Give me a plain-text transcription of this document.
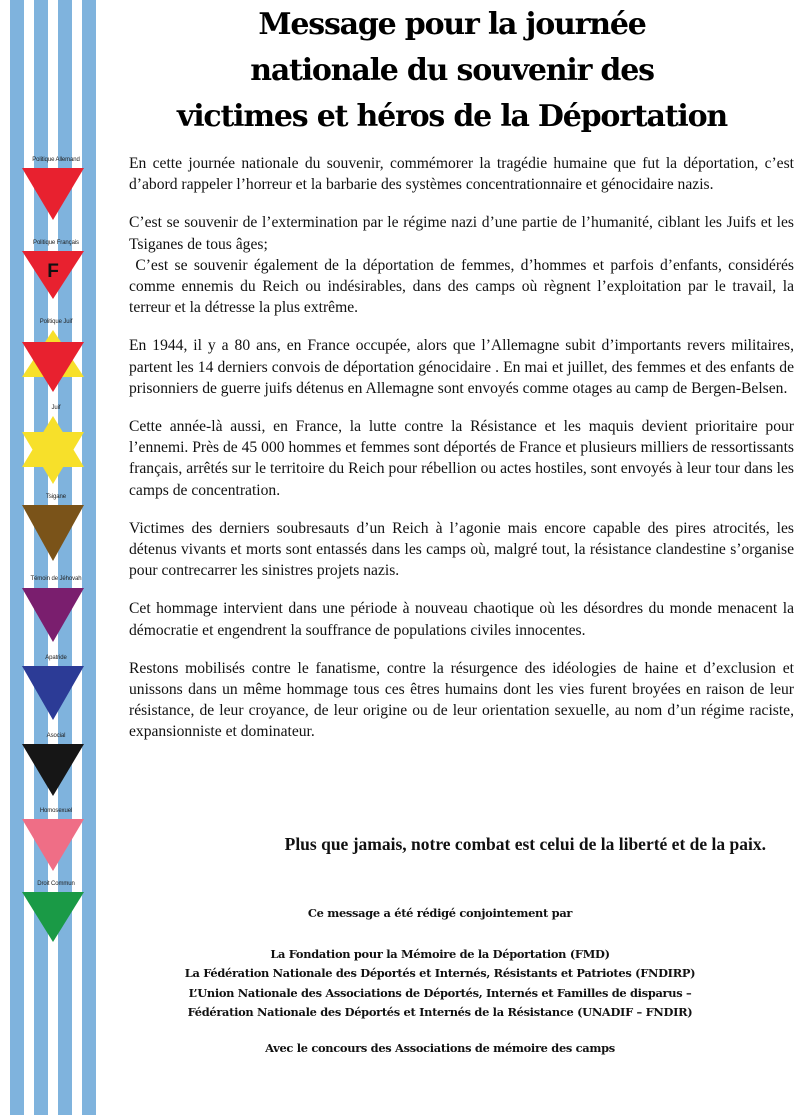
Politique Allemand
Politique Français
F
Politique Juif
Juif
Tsigane
Témoin de Jéhovah
Apatride
Asocial
Homosexuel
Droit Commun
Message pour la journée
nationale du souvenir des
victimes et héros de la Déportation

En cette journée nationale du souvenir, commémorer la tragédie humaine que fut la déportation, c’est d’abord rappeler l’horreur et la barbarie des systèmes concentrationnaire et génocidaire nazis.

C’est se souvenir de l’extermination par le régime nazi d’une partie de l’humanité, ciblant les Juifs et les Tsiganes de tous âges;

C’est se souvenir également de la déportation de femmes, d’hommes et parfois d’enfants, considérés comme ennemis du Reich ou indésirables, dans des camps où règnent l’exploitation par le travail, la terreur et la détresse la plus extrême.

En 1944, il y a 80 ans, en France occupée, alors que l’Allemagne subit d’importants revers militaires, partent les 14 derniers convois de déportation génocidaire . En mai et juillet, des femmes et des enfants de prisonniers de guerre juifs détenus en Allemagne sont envoyés comme otages au camp de Bergen-Belsen.

Cette année-là aussi, en France, la lutte contre la Résistance et les maquis devient prioritaire pour l’ennemi. Près de 45 000 hommes et femmes sont déportés de France et plusieurs milliers de ressortissants français, arrêtés sur le territoire du Reich pour rébellion ou actes hostiles, sont envoyés à leur tour dans les camps de concentration.

Victimes des derniers soubresauts d’un Reich à l’agonie mais encore capable des pires atrocités, les détenus vivants et morts sont entassés dans les camps où, malgré tout, la résistance clandestine s’organise pour contrecarrer les sinistres projets nazis.

Cet hommage intervient dans une période à nouveau chaotique où les désordres du monde menacent la démocratie et engendrent la souffrance de populations civiles innocentes.

Restons mobilisés contre le fanatisme, contre la résurgence des idéologies de haine et d’exclusion et unissons dans un même hommage tous ces êtres humains dont les vies furent broyées en raison de leur résistance, de leur croyance, de leur origine ou de leur orientation sexuelle, au nom d’un régime raciste, expansionniste et dominateur.

Plus que jamais, notre combat est celui de la liberté et de la paix.
Ce message a été rédigé conjointement par
La Fondation pour la Mémoire de la Déportation (FMD)
La Fédération Nationale des Déportés et Internés, Résistants et Patriotes (FNDIRP)
L’Union Nationale des Associations de Déportés, Internés et Familles de disparus –
Fédération Nationale des Déportés et Internés de la Résistance (UNADIF – FNDIR)
Avec le concours des Associations de mémoire des camps
